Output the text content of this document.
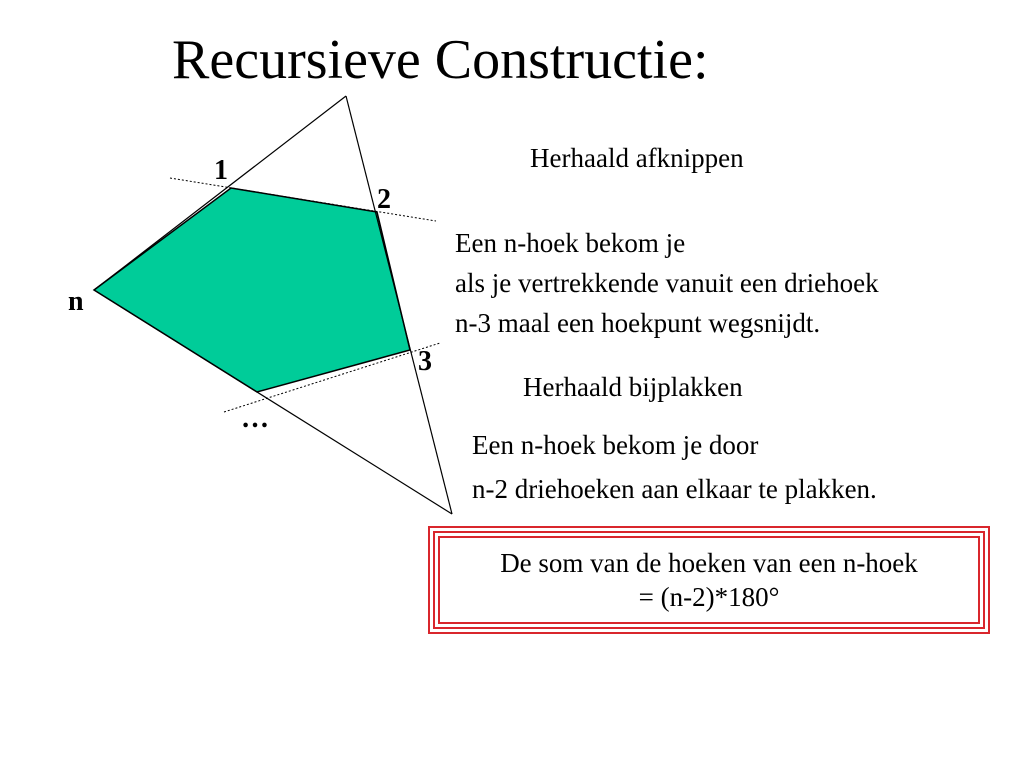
Recursieve Constructie:
1
2
3
n
…
Herhaald afknippen
Een n-hoek bekom je
als je vertrekkende vanuit een driehoek
n-3 maal een hoekpunt wegsnijdt.
Herhaald bijplakken
Een n-hoek bekom je door
n-2 driehoeken aan elkaar te plakken.
De som van de hoeken van een n-hoek
= (n-2)*180°
